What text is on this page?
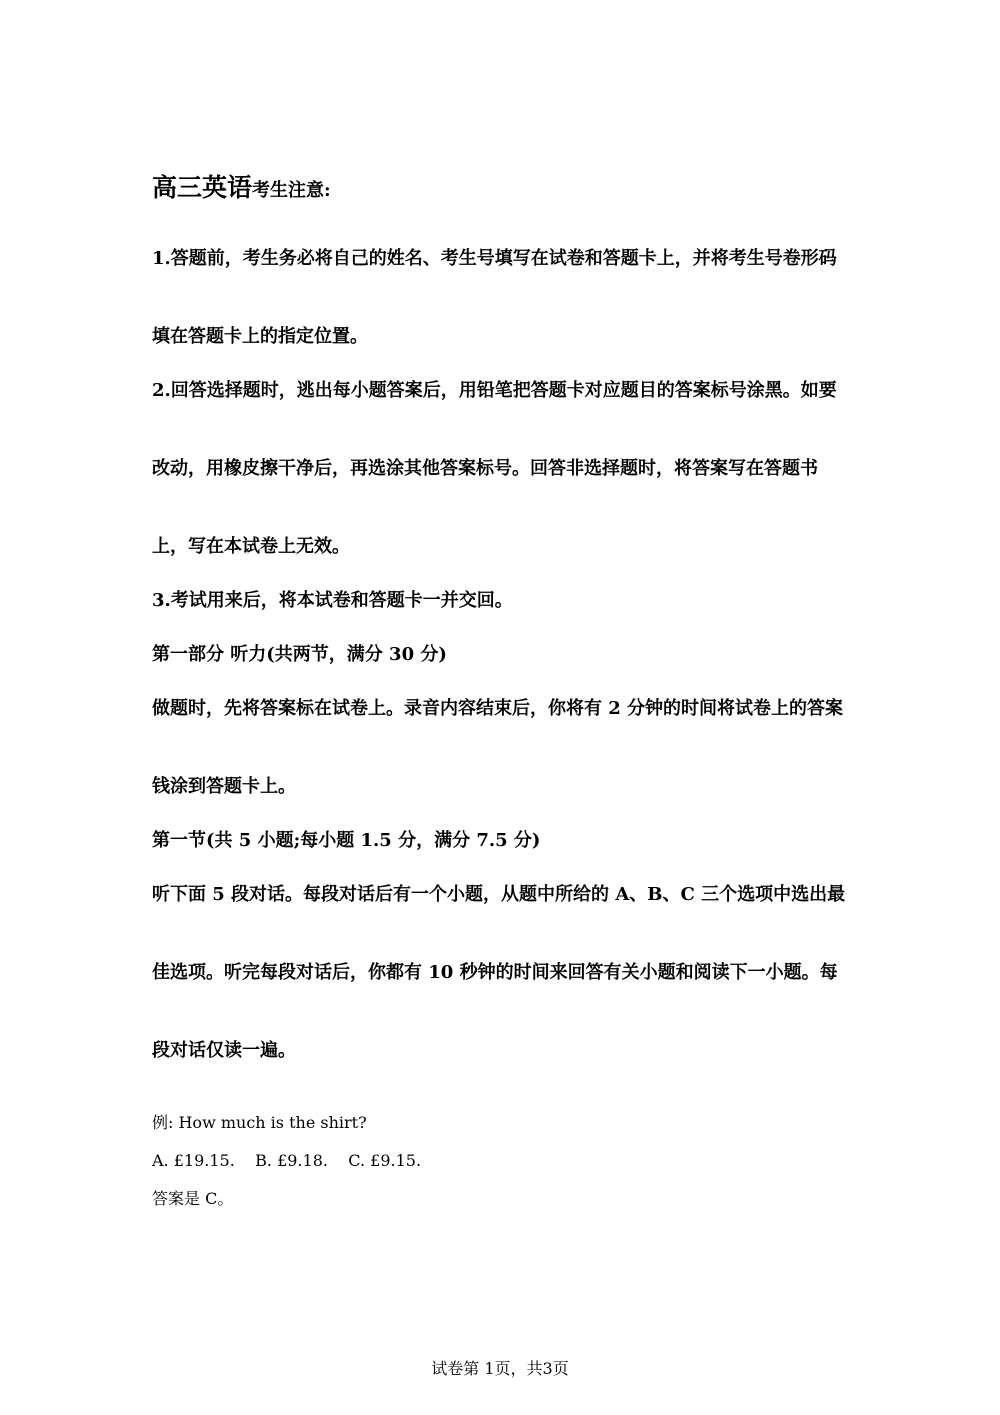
高三英语考生注意:

1.答题前，考生务必将自己的姓名、考生号填写在试卷和答题卡上，并将考生号卷形码填在答题卡上的指定位置。

2.回答选择题时，逃出每小题答案后，用铅笔把答题卡对应题目的答案标号涂黑。如要改动，用橡皮擦干净后，再选涂其他答案标号。回答非选择题时，将答案写在答题书上，写在本试卷上无效。

3.考试用来后，将本试卷和答题卡一并交回。

第一部分 听力(共两节，满分 30 分)

做题时，先将答案标在试卷上。录音内容结束后，你将有 2 分钟的时间将试卷上的答案钱涂到答题卡上。

第一节(共 5 小题;每小题 1.5 分，满分 7.5 分)

听下面 5 段对话。每段对话后有一个小题，从题中所给的 A、B、C 三个选项中选出最佳选项。听完每段对话后，你都有 10 秒钟的时间来回答有关小题和阅读下一小题。每段对话仅读一遍。

例: How much is the shirt?

A. £19.15.    B. £9.18.    C. £9.15.

答案是 C。

试卷第 1页，共3页
